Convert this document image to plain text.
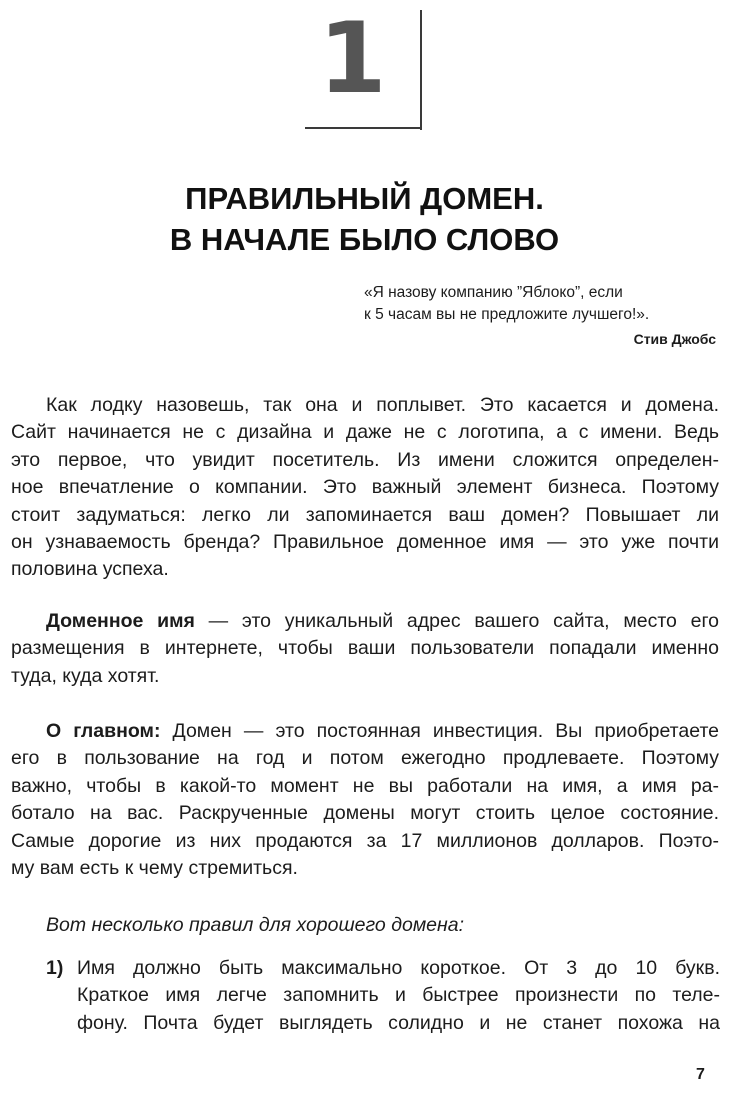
1
ПРАВИЛЬНЫЙ ДОМЕН.
В НАЧАЛЕ БЫЛО СЛОВО
«Я назову компанию ”Яблоко”, если
к 5 часам вы не предложите лучшего!».
Стив Джобс
Как лодку назовешь, так она и поплывет. Это касается и домена.
Сайт начинается не с дизайна и даже не с логотипа, а с имени. Ведь
это первое, что увидит посетитель. Из имени сложится определен-
ное впечатление о компании. Это важный элемент бизнеса. Поэтому
стоит задуматься: легко ли запоминается ваш домен? Повышает ли
он узнаваемость бренда? Правильное доменное имя — это уже почти
половина успеха.
Доменное имя — это уникальный адрес вашего сайта, место его
размещения в интернете, чтобы ваши пользователи попадали именно
туда, куда хотят.
О главном: Домен — это постоянная инвестиция. Вы приобретаете
его в пользование на год и потом ежегодно продлеваете. Поэтому
важно, чтобы в какой-то момент не вы работали на имя, а имя ра-
ботало на вас. Раскрученные домены могут стоить целое состояние.
Самые дорогие из них продаются за 17 миллионов долларов. Поэто-
му вам есть к чему стремиться.
Вот несколько правил для хорошего домена:
1) Имя должно быть максимально короткое. От 3 до 10 букв.
Краткое имя легче запомнить и быстрее произнести по теле-
фону. Почта будет выглядеть солидно и не станет похожа на
7
